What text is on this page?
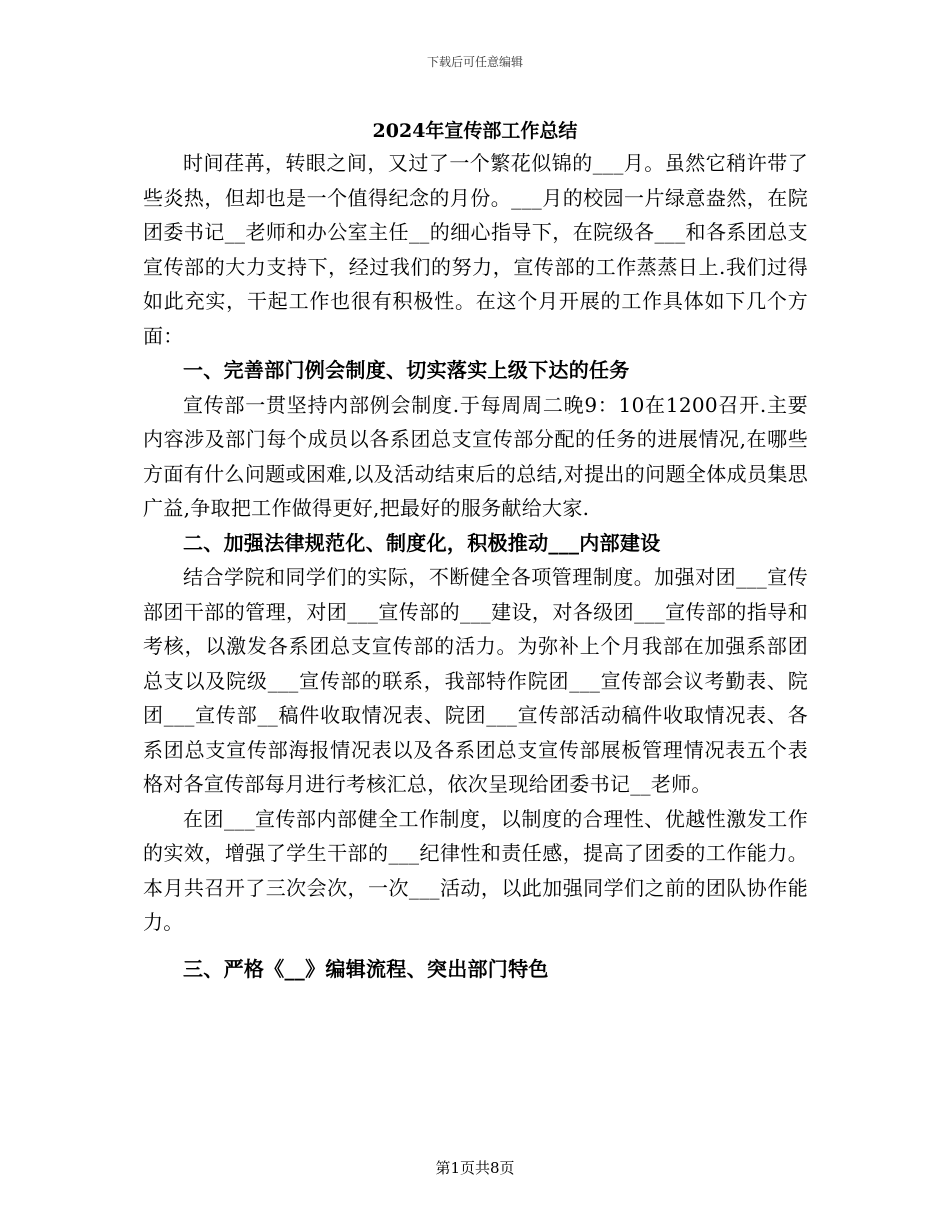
下载后可任意编辑
2024年宣传部工作总结

时间荏苒，转眼之间，又过了一个繁花似锦的___月。虽然它稍许带了些炎热，但却也是一个值得纪念的月份。___月的校园一片绿意盎然，在院团委书记__老师和办公室主任__的细心指导下，在院级各___和各系团总支宣传部的大力支持下，经过我们的努力，宣传部的工作蒸蒸日上.我们过得如此充实，干起工作也很有积极性。在这个月开展的工作具体如下几个方面：

一、完善部门例会制度、切实落实上级下达的任务

宣传部一贯坚持内部例会制度.于每周周二晚9：10在1200召开.主要内容涉及部门每个成员以各系团总支宣传部分配的任务的进展情况,在哪些方面有什么问题或困难,以及活动结束后的总结,对提出的问题全体成员集思广益,争取把工作做得更好,把最好的服务献给大家.

二、加强法律规范化、制度化，积极推动___内部建设

结合学院和同学们的实际，不断健全各项管理制度。加强对团___宣传部团干部的管理，对团___宣传部的___建设，对各级团___宣传部的指导和考核，以激发各系团总支宣传部的活力。为弥补上个月我部在加强系部团总支以及院级___宣传部的联系，我部特作院团___宣传部会议考勤表、院团___宣传部__稿件收取情况表、院团___宣传部活动稿件收取情况表、各系团总支宣传部海报情况表以及各系团总支宣传部展板管理情况表五个表格对各宣传部每月进行考核汇总，依次呈现给团委书记__老师。

在团___宣传部内部健全工作制度，以制度的合理性、优越性激发工作的实效，增强了学生干部的___纪律性和责任感，提高了团委的工作能力。本月共召开了三次会次，一次___活动，以此加强同学们之前的团队协作能力。

三、严格《__》编辑流程、突出部门特色
第1页共8页
